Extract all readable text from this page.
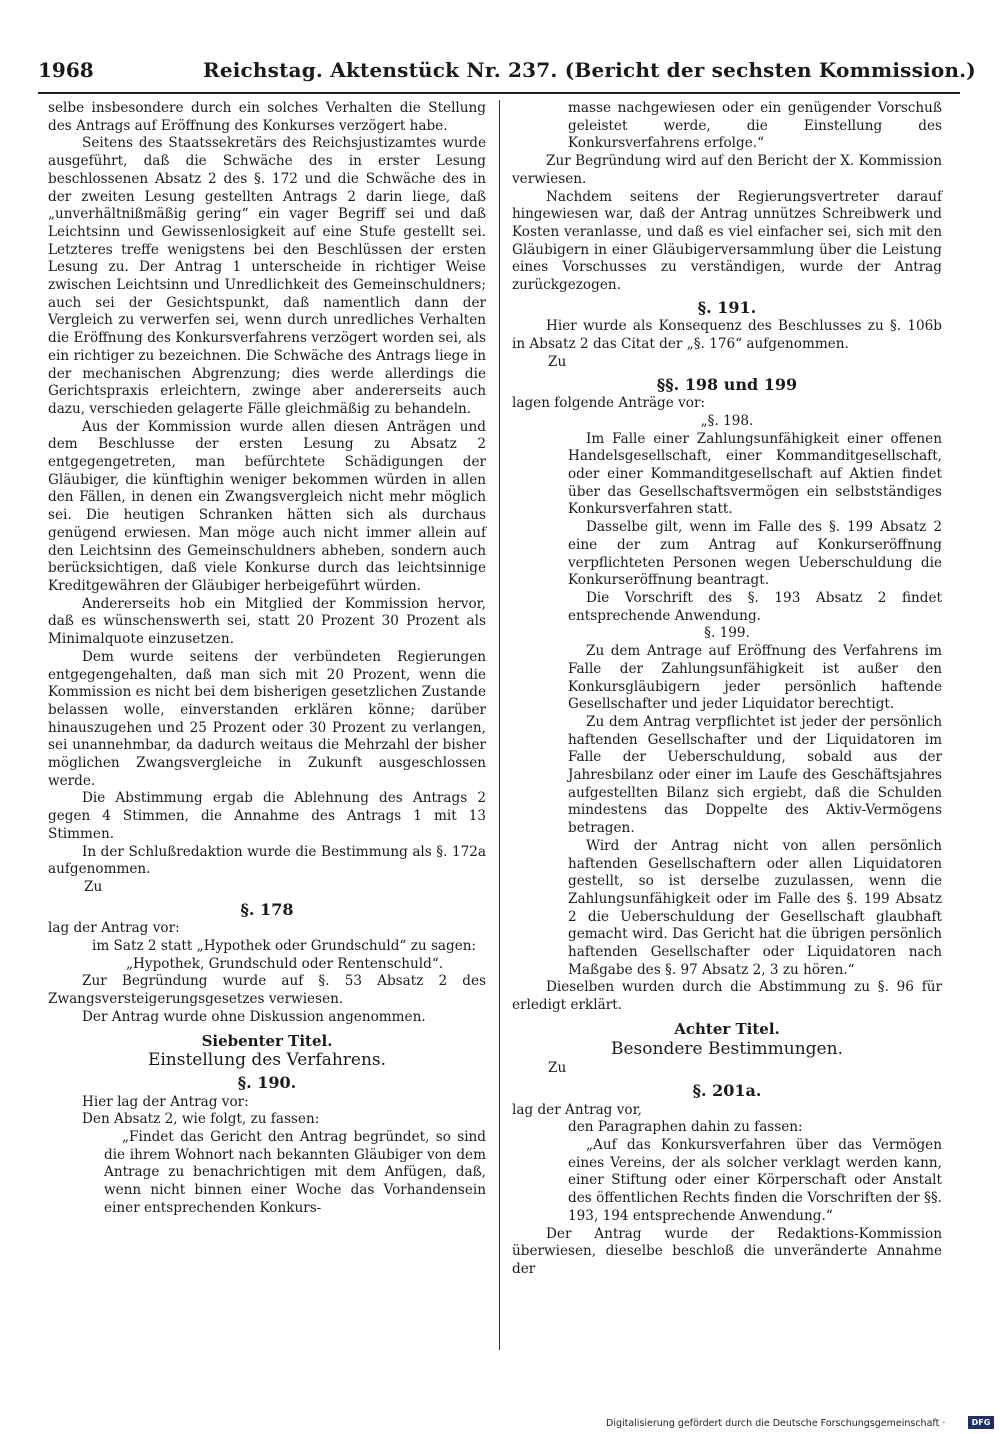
1968	Reichstag. Aktenstück Nr. 237. (Bericht der sechsten Kommission.)

selbe insbesondere durch ein solches Verhalten die Stellung des Antrags auf Eröffnung des Konkurses verzögert habe.

Seitens des Staatssekretärs des Reichsjustizamtes wurde ausgeführt, daß die Schwäche des in erster Lesung beschlossenen Absatz 2 des §. 172 und die Schwäche des in der zweiten Lesung gestellten Antrags 2 darin liege, daß „unverhältnißmäßig gering“ ein vager Begriff sei und daß Leichtsinn und Gewissenlosigkeit auf eine Stufe gestellt sei. Letzteres treffe wenigstens bei den Beschlüssen der ersten Lesung zu. Der Antrag 1 unterscheide in richtiger Weise zwischen Leichtsinn und Unredlichkeit des Gemeinschuldners; auch sei der Gesichtspunkt, daß namentlich dann der Vergleich zu verwerfen sei, wenn durch unredliches Verhalten die Eröffnung des Konkursverfahrens verzögert worden sei, als ein richtiger zu bezeichnen. Die Schwäche des Antrags liege in der mechanischen Abgrenzung; dies werde allerdings die Gerichtspraxis erleichtern, zwinge aber andererseits auch dazu, verschieden gelagerte Fälle gleichmäßig zu behandeln.

Aus der Kommission wurde allen diesen Anträgen und dem Beschlusse der ersten Lesung zu Absatz 2 entgegengetreten, man befürchtete Schädigungen der Gläubiger, die künftighin weniger bekommen würden in allen den Fällen, in denen ein Zwangsvergleich nicht mehr möglich sei. Die heutigen Schranken hätten sich als durchaus genügend erwiesen. Man möge auch nicht immer allein auf den Leichtsinn des Gemeinschuldners abheben, sondern auch berücksichtigen, daß viele Konkurse durch das leichtsinnige Kreditgewähren der Gläubiger herbeigeführt würden.

Andererseits hob ein Mitglied der Kommission hervor, daß es wünschenswerth sei, statt 20 Prozent 30 Prozent als Minimalquote einzusetzen.

Dem wurde seitens der verbündeten Regierungen entgegengehalten, daß man sich mit 20 Prozent, wenn die Kommission es nicht bei dem bisherigen gesetzlichen Zustande belassen wolle, einverstanden erklären könne; darüber hinauszugehen und 25 Prozent oder 30 Prozent zu verlangen, sei unannehmbar, da dadurch weitaus die Mehrzahl der bisher möglichen Zwangsvergleiche in Zukunft ausgeschlossen werde.

Die Abstimmung ergab die Ablehnung des Antrags 2 gegen 4 Stimmen, die Annahme des Antrags 1 mit 13 Stimmen.

In der Schlußredaktion wurde die Bestimmung als §. 172a aufgenommen.

Zu

§. 178

lag der Antrag vor:

im Satz 2 statt „Hypothek oder Grundschuld“ zu sagen:

„Hypothek, Grundschuld oder Rentenschuld“.

Zur Begründung wurde auf §. 53 Absatz 2 des Zwangsversteigerungsgesetzes verwiesen.

Der Antrag wurde ohne Diskussion angenommen.

Siebenter Titel.
Einstellung des Verfahrens.
§. 190.

Hier lag der Antrag vor:

Den Absatz 2, wie folgt, zu fassen:

„Findet das Gericht den Antrag begründet, so sind die ihrem Wohnort nach bekannten Gläubiger von dem Antrage zu benachrichtigen mit dem Anfügen, daß, wenn nicht binnen einer Woche das Vorhandensein einer entsprechenden Konkurs-

masse nachgewiesen oder ein genügender Vorschuß geleistet werde, die Einstellung des Konkursverfahrens erfolge.“

Zur Begründung wird auf den Bericht der X. Kommission verwiesen.

Nachdem seitens der Regierungsvertreter darauf hingewiesen war, daß der Antrag unnützes Schreibwerk und Kosten veranlasse, und daß es viel einfacher sei, sich mit den Gläubigern in einer Gläubigerversammlung über die Leistung eines Vorschusses zu verständigen, wurde der Antrag zurückgezogen.

§. 191.

Hier wurde als Konsequenz des Beschlusses zu §. 106b in Absatz 2 das Citat der „§. 176“ aufgenommen.

Zu

§§. 198 und 199

lagen folgende Anträge vor:

„§. 198.

Im Falle einer Zahlungsunfähigkeit einer offenen Handelsgesellschaft, einer Kommanditgesellschaft, oder einer Kommanditgesellschaft auf Aktien findet über das Gesellschaftsvermögen ein selbstständiges Konkursverfahren statt.

Dasselbe gilt, wenn im Falle des §. 199 Absatz 2 eine der zum Antrag auf Konkurseröffnung verpflichteten Personen wegen Ueberschuldung die Konkurseröffnung beantragt.

Die Vorschrift des §. 193 Absatz 2 findet entsprechende Anwendung.

§. 199.

Zu dem Antrage auf Eröffnung des Verfahrens im Falle der Zahlungsunfähigkeit ist außer den Konkursgläubigern jeder persönlich haftende Gesellschafter und jeder Liquidator berechtigt.

Zu dem Antrag verpflichtet ist jeder der persönlich haftenden Gesellschafter und der Liquidatoren im Falle der Ueberschuldung, sobald aus der Jahresbilanz oder einer im Laufe des Geschäftsjahres aufgestellten Bilanz sich ergiebt, daß die Schulden mindestens das Doppelte des Aktiv-Vermögens betragen.

Wird der Antrag nicht von allen persönlich haftenden Gesellschaftern oder allen Liquidatoren gestellt, so ist derselbe zuzulassen, wenn die Zahlungsunfähigkeit oder im Falle des §. 199 Absatz 2 die Ueberschuldung der Gesellschaft glaubhaft gemacht wird. Das Gericht hat die übrigen persönlich haftenden Gesellschafter oder Liquidatoren nach Maßgabe des §. 97 Absatz 2, 3 zu hören.“

Dieselben wurden durch die Abstimmung zu §. 96 für erledigt erklärt.

Achter Titel.
Besondere Bestimmungen.

Zu

§. 201a.

lag der Antrag vor,

den Paragraphen dahin zu fassen:

„Auf das Konkursverfahren über das Vermögen eines Vereins, der als solcher verklagt werden kann, einer Stiftung oder einer Körperschaft oder Anstalt des öffentlichen Rechts finden die Vorschriften der §§. 193, 194 entsprechende Anwendung.“

Der Antrag wurde der Redaktions-Kommission überwiesen, dieselbe beschloß die unveränderte Annahme der

Digitalisierung gefördert durch die Deutsche Forschungsgemeinschaft ·	DFG
